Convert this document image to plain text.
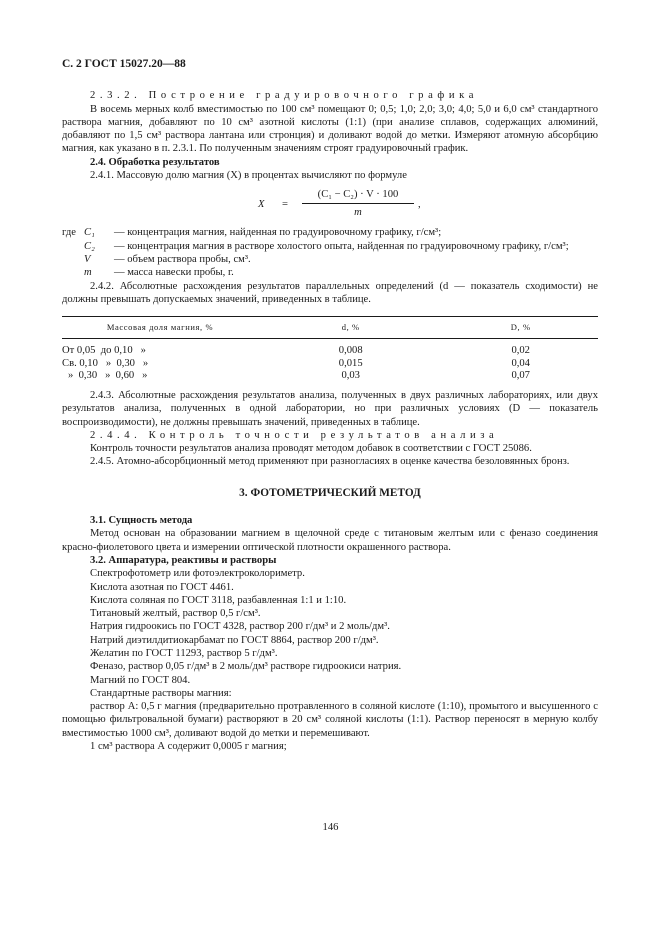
С. 2 ГОСТ 15027.20—88

2.3.2. Построение градуировочного графика

В восемь мерных колб вместимостью по 100 см³ помещают 0; 0,5; 1,0; 2,0; 3,0; 4,0; 5,0 и 6,0 см³ стандартного раствора магния, добавляют по 10 см³ азотной кислоты (1:1) (при анализе сплавов, содержащих алюминий, добавляют по 1,5 см³ раствора лантана или стронция) и доливают водой до метки. Измеряют атомную абсорбцию магния, как указано в п. 2.3.1. По полученным значениям строят градуировочный график.

2.4. Обработка результатов

2.4.1. Массовую долю магния (X) в процентах вычисляют по формуле

X =
(C₁ − C₂) · V · 100
m
,
где C₁ — концентрация магния, найденная по градуировочному графику, г/см³;

C₂ — концентрация магния в растворе холостого опыта, найденная по градуировочному графику, г/см³;

V — объем раствора пробы, см³.

m — масса навески пробы, г.

2.4.2. Абсолютные расхождения результатов параллельных определений (d — показатель сходимости) не должны превышать допускаемых значений, приведенных в таблице.

Массовая доля магния, %	d, %	D, %
От 0,05  до 0,10   »	0,008	0,02
Св. 0,10   »  0,30   »	0,015	0,04
»  0,30   »  0,60   »	0,03	0,07

2.4.3. Абсолютные расхождения результатов анализа, полученных в двух различных лабораториях, или двух результатов анализа, полученных в одной лаборатории, но при различных условиях (D — показатель воспроизводимости), не должны превышать значений, приведенных в таблице.

2.4.4. Контроль точности результатов анализа

Контроль точности результатов анализа проводят методом добавок в соответствии с ГОСТ 25086.

2.4.5. Атомно-абсорбционный метод применяют при разногласиях в оценке качества безоловянных бронз.

3. ФОТОМЕТРИЧЕСКИЙ МЕТОД

3.1. Сущность метода

Метод основан на образовании магнием в щелочной среде с титановым желтым или с феназо соединения красно-фиолетового цвета и измерении оптической плотности окрашенного раствора.

3.2. Аппаратура, реактивы и растворы

Спектрофотометр или фотоэлектроколориметр.

Кислота азотная по ГОСТ 4461.

Кислота соляная по ГОСТ 3118, разбавленная 1:1 и 1:10.

Титановый желтый, раствор 0,5 г/см³.

Натрия гидроокись по ГОСТ 4328, раствор 200 г/дм³ и 2 моль/дм³.

Натрий диэтилдитиокарбамат по ГОСТ 8864, раствор 200 г/дм³.

Желатин по ГОСТ 11293, раствор 5 г/дм³.

Феназо, раствор 0,05 г/дм³ в 2 моль/дм³ растворе гидроокиси натрия.

Магний по ГОСТ 804.

Стандартные растворы магния:

раствор А: 0,5 г магния (предварительно протравленного в соляной кислоте (1:10), промытого и высушенного с помощью фильтровальной бумаги) растворяют в 20 см³ соляной кислоты (1:1). Раствор переносят в мерную колбу вместимостью 1000 см³, доливают водой до метки и перемешивают.

1 см³ раствора А содержит 0,0005 г магния;

146
